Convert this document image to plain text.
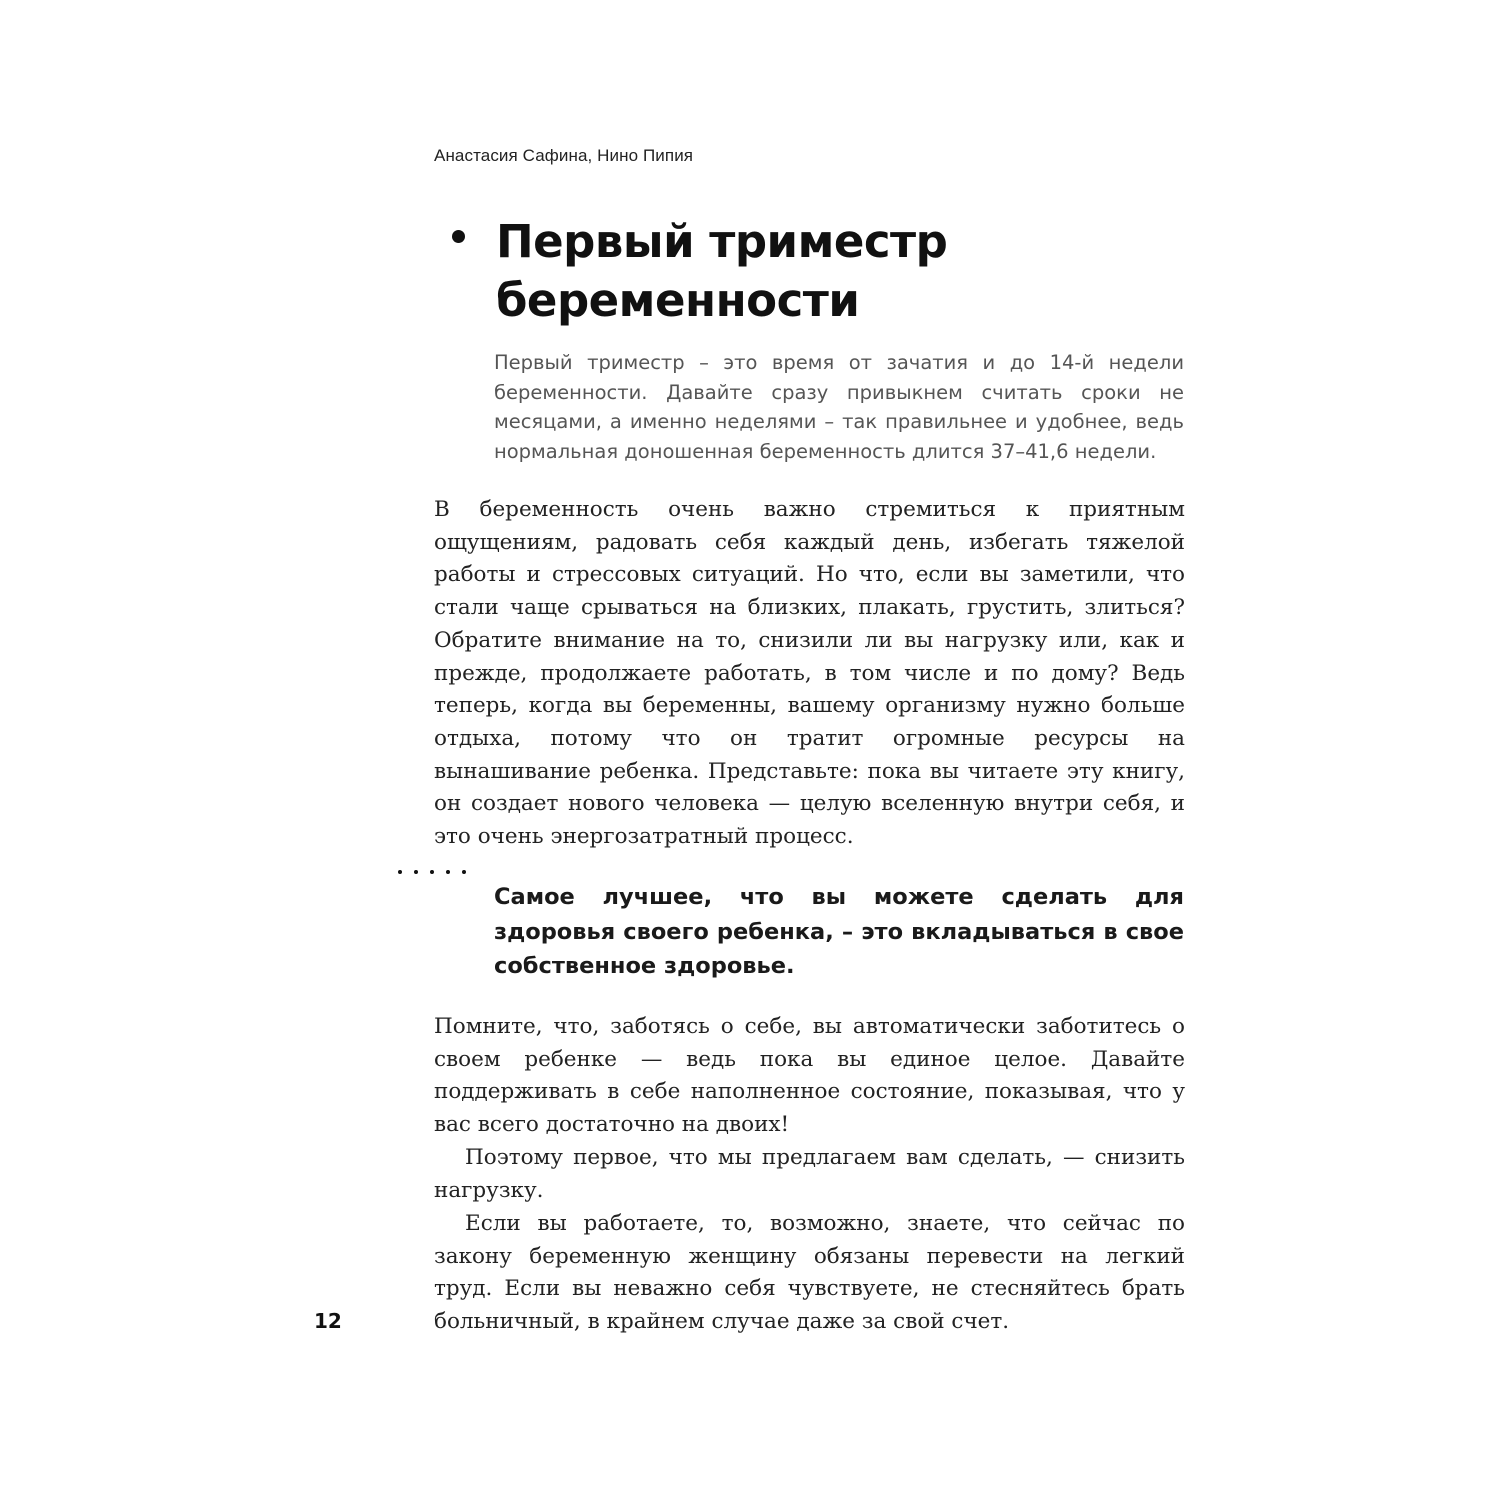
Анастасия Сафина, Нино Пипия
Первый триместр
беременности

Первый триместр – это время от зачатия и до 14-й недели беременности. Давайте сразу привыкнем считать сроки не месяцами, а именно неделями – так правильнее и удобнее, ведь нормальная доношенная беременность длится 37–41,6 недели.

В беременность очень важно стремиться к приятным ощущениям, радовать себя каждый день, избегать тяжелой работы и стрессовых ситуаций. Но что, если вы заметили, что стали чаще срываться на близких, плакать, грустить, злиться? Обратите внимание на то, снизили ли вы нагрузку или, как и прежде, продолжаете работать, в том числе и по дому? Ведь теперь, когда вы беременны, вашему организму нужно больше отдыха, потому что он тратит огромные ресурсы на вынашивание ребенка. Представьте: пока вы читаете эту книгу, он создает нового человека — целую вселенную внутри себя, и это очень энергозатратный процесс.

Самое лучшее, что вы можете сделать для здоровья своего ребенка, – это вкладываться в свое собственное здоровье.

Помните, что, заботясь о себе, вы автоматически заботитесь о своем ребенке — ведь пока вы единое целое. Давайте поддерживать в себе наполненное состояние, показывая, что у вас всего достаточно на двоих!

Поэтому первое, что мы предлагаем вам сделать, — снизить нагрузку.

Если вы работаете, то, возможно, знаете, что сейчас по закону беременную женщину обязаны перевести на легкий труд. Если вы неважно себя чувствуете, не стесняйтесь брать больничный, в крайнем случае даже за свой счет.

12
